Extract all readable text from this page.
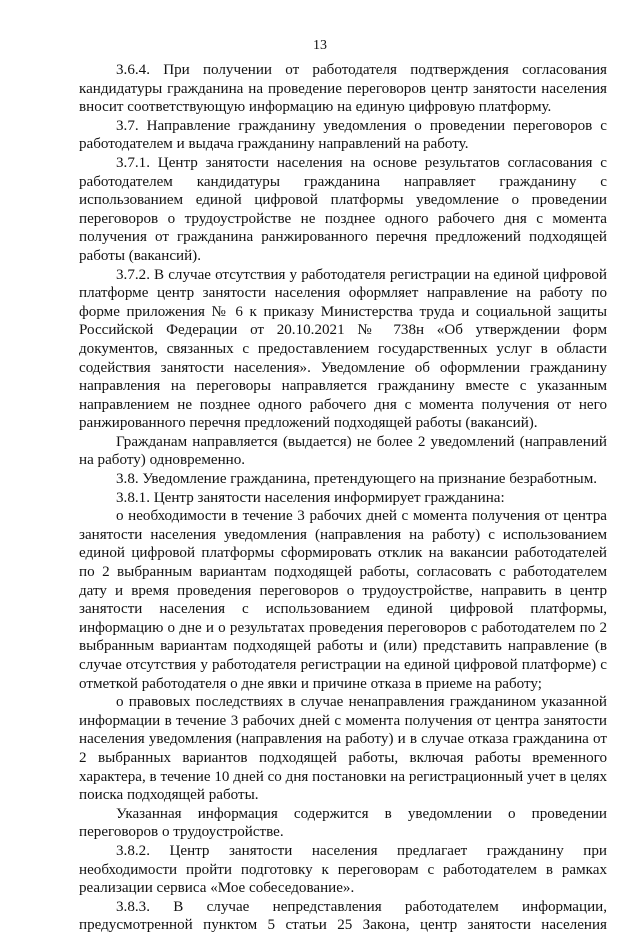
13

3.6.4. При получении от работодателя подтверждения согласования кандидатуры гражданина на проведение переговоров центр занятости населения вносит соответствующую информацию на единую цифровую платформу.

3.7. Направление гражданину уведомления о проведении переговоров с работодателем и выдача гражданину направлений на работу.

3.7.1. Центр занятости населения на основе результатов согласования с работодателем кандидатуры гражданина направляет гражданину с использованием единой цифровой платформы уведомление о проведении переговоров о трудоустройстве не позднее одного рабочего дня с момента получения от гражданина ранжированного перечня предложений подходящей работы (вакансий).

3.7.2. В случае отсутствия у работодателя регистрации на единой цифровой платформе центр занятости населения оформляет направление на работу по форме приложения № 6 к приказу Министерства труда и социальной защиты Российской Федерации от 20.10.2021 № 738н «Об утверждении форм документов, связанных с предоставлением государственных услуг в области содействия занятости населения». Уведомление об оформлении гражданину направления на переговоры направляется гражданину вместе с указанным направлением не позднее одного рабочего дня с момента получения от него ранжированного перечня предложений подходящей работы (вакансий).

Гражданам направляется (выдается) не более 2 уведомлений (направлений на работу) одновременно.

3.8. Уведомление гражданина, претендующего на признание безработным.

3.8.1. Центр занятости населения информирует гражданина:

о необходимости в течение 3 рабочих дней с момента получения от центра занятости населения уведомления (направления на работу) с использованием единой цифровой платформы сформировать отклик на вакансии работодателей по 2 выбранным вариантам подходящей работы, согласовать с работодателем дату и время проведения переговоров о трудоустройстве, направить в центр занятости населения с использованием единой цифровой платформы, информацию о дне и о результатах проведения переговоров с работодателем по 2 выбранным вариантам подходящей работы и (или) представить направление (в случае отсутствия у работодателя регистрации на единой цифровой платформе) с отметкой работодателя о дне явки и причине отказа в приеме на работу;

о правовых последствиях в случае ненаправления гражданином указанной информации в течение 3 рабочих дней с момента получения от центра занятости населения уведомления (направления на работу) и в случае отказа гражданина от 2 выбранных вариантов подходящей работы, включая работы временного характера, в течение 10 дней со дня постановки на регистрационный учет в целях поиска подходящей работы.

Указанная информация содержится в уведомлении о проведении переговоров о трудоустройстве.

3.8.2. Центр занятости населения предлагает гражданину при необходимости пройти подготовку к переговорам с работодателем в рамках реализации сервиса «Мое собеседование».

3.8.3. В случае непредставления работодателем информации, предусмотренной пунктом 5 статьи 25 Закона, центр занятости населения
